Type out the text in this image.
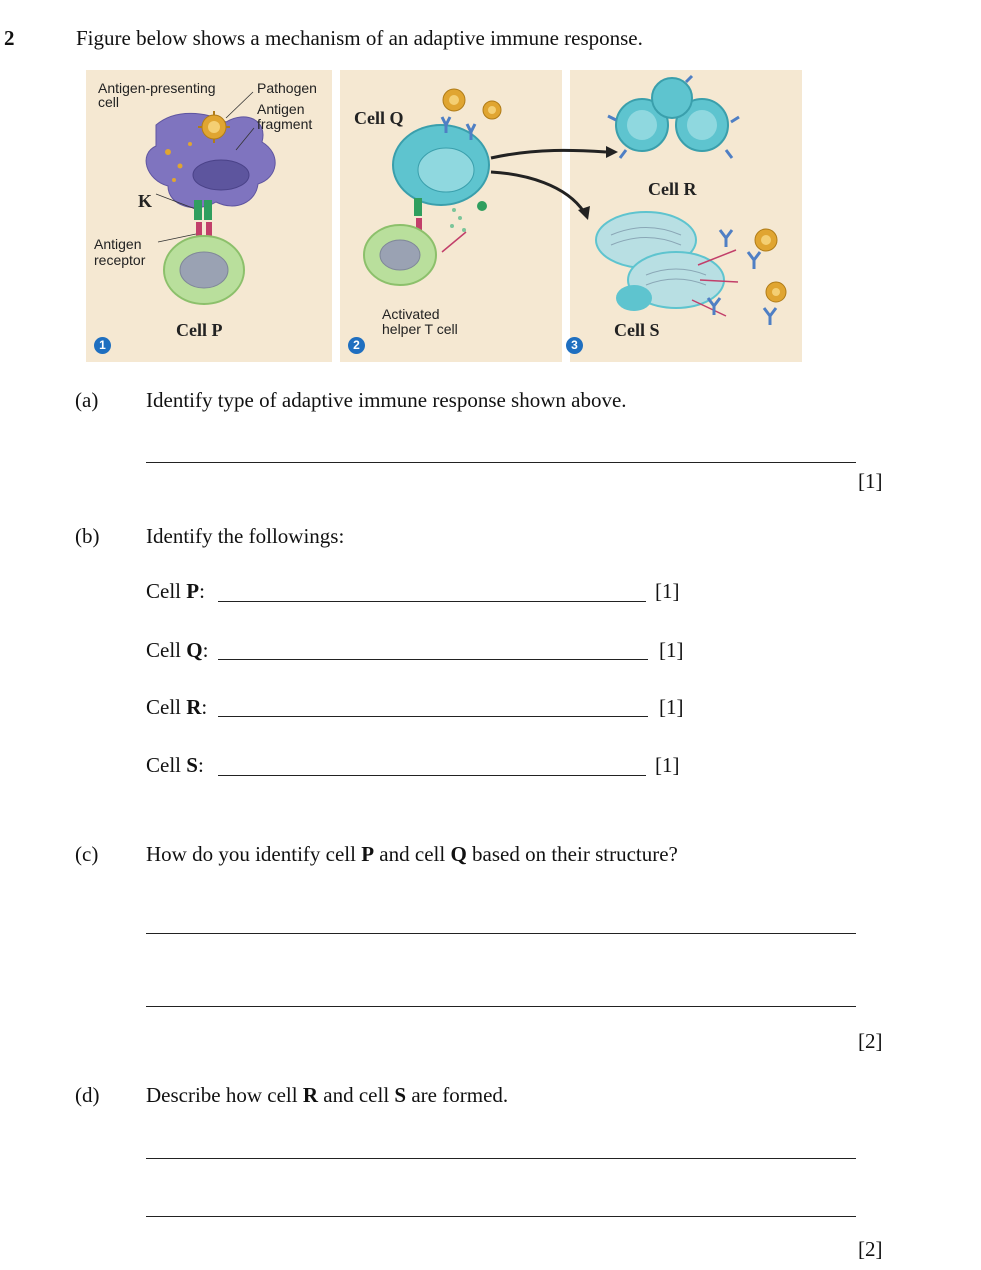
2	Figure below shows a mechanism of an adaptive immune response.
Antigen-presenting
cell
Pathogen
Antigen
fragment
K
Antigen
receptor
Cell P
1
Cell Q
Activated
helper T cell
2
Cell R
Cell S
3
(a) Identify type of adaptive immune response shown above.
[1]
(b) Identify the followings:
Cell P:	[1]
Cell Q:	[1]
Cell R:	[1]
Cell S:	[1]
(c) How do you identify cell P and cell Q based on their structure?
[2]
(d) Describe how cell R and cell S are formed.
[2]
